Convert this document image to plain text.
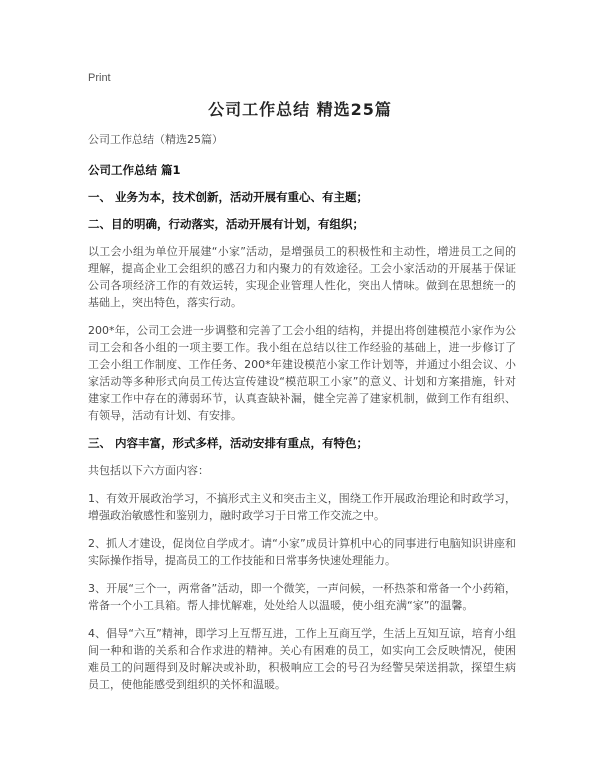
Print
公司工作总结 精选25篇
公司工作总结（精选25篇）
公司工作总结 篇1
一、 业务为本，技术创新，活动开展有重心、有主题；
二、目的明确，行动落实，活动开展有计划，有组织；
以工会小组为单位开展建“小家”活动，是增强员工的积极性和主动性，增进员工之间的理解，提高企业工会组织的感召力和内聚力的有效途径。工会小家活动的开展基于保证公司各项经济工作的有效运转，实现企业管理人性化，突出人情味。做到在思想统一的基础上，突出特色，落实行动。
200*年，公司工会进一步调整和完善了工会小组的结构，并提出将创建模范小家作为公司工会和各小组的一项主要工作。我小组在总结以往工作经验的基础上，进一步修订了工会小组工作制度、工作任务、200*年建设模范小家工作计划等，并通过小组会议、小家活动等多种形式向员工传达宣传建设“模范职工小家”的意义、计划和方案措施，针对建家工作中存在的薄弱环节，认真查缺补漏，健全完善了建家机制，做到工作有组织、有领导，活动有计划、有安排。
三、 内容丰富，形式多样，活动安排有重点，有特色；
共包括以下六方面内容：
1、有效开展政治学习，不搞形式主义和突击主义，围绕工作开展政治理论和时政学习，增强政治敏感性和鉴别力，融时政学习于日常工作交流之中。
2、抓人才建设，促岗位自学成才。请“小家”成员计算机中心的同事进行电脑知识讲座和实际操作指导，提高员工的工作技能和日常事务快速处理能力。
3、开展“三个一，两常备”活动，即一个微笑，一声问候，一杯热茶和常备一个小药箱，常备一个小工具箱。帮人排忧解难，处处给人以温暖，使小组充满“家”的温馨。
4、倡导“六互”精神，即学习上互帮互进，工作上互商互学，生活上互知互谅，培育小组间一种和谐的关系和合作求进的精神。关心有困难的员工，如实向工会反映情况，使困难员工的问题得到及时解决或补助，积极响应工会的号召为经警吴荣送捐款，探望生病员工，使他能感受到组织的关怀和温暖。
